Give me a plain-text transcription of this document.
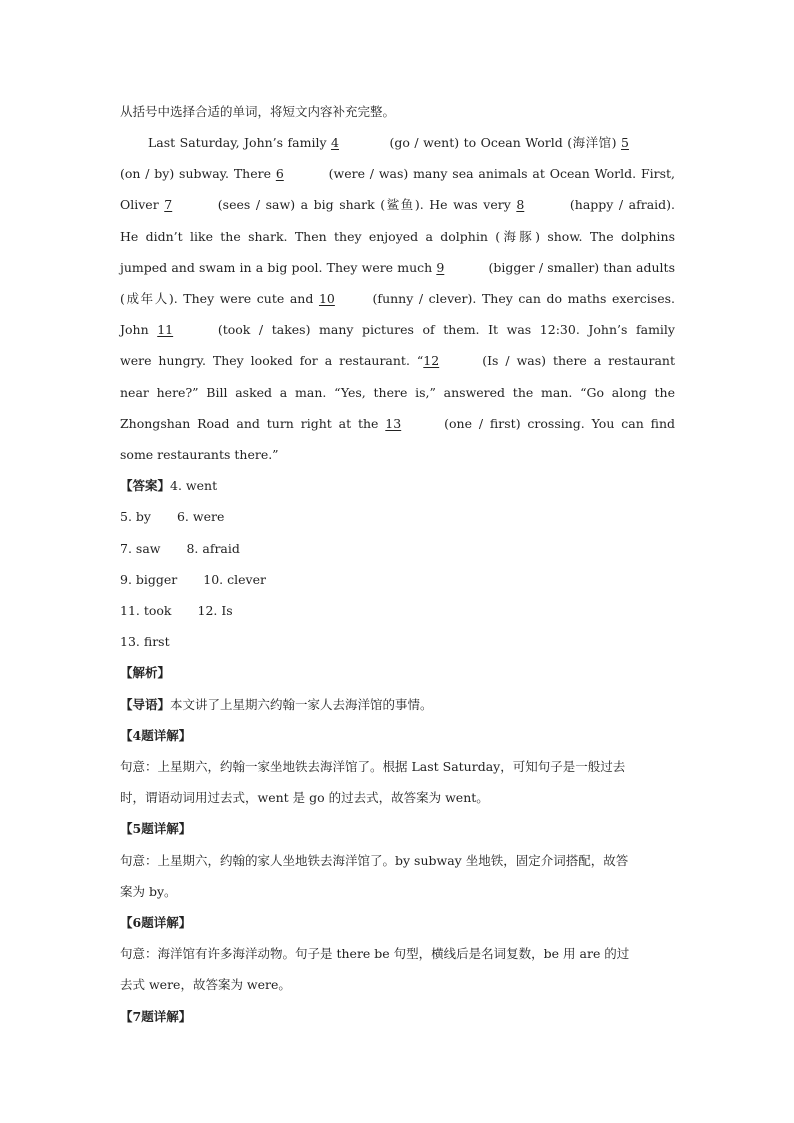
从括号中选择合适的单词，将短文内容补充完整。
Last Saturday, John’s family 4	(go / went) to Ocean World (海洋馆) 5
(on / by) subway. There 6	(were / was) many sea animals at Ocean World. First,
Oliver 7	(sees / saw) a big shark (鲨鱼). He was very 8	(happy / afraid).
He didn’t like the shark. Then they enjoyed a dolphin (海豚) show. The dolphins
jumped and swam in a big pool. They were much 9	(bigger / smaller) than adults
(成年人). They were cute and 10	(funny / clever). They can do maths exercises.
John 11	(took / takes) many pictures of them. It was 12:30. John’s family
were hungry. They looked for a restaurant. “12	(Is / was) there a restaurant
near here?” Bill asked a man. “Yes, there is,” answered the man. “Go along the
Zhongshan Road and turn right at the 13	(one / first) crossing. You can find
some restaurants there.”
【答案】4. went
5. by 6. were
7. saw 8. afraid
9. bigger 10. clever
11. took 12. Is
13. first
【解析】
【导语】本文讲了上星期六约翰一家人去海洋馆的事情。
【4题详解】
句意：上星期六，约翰一家坐地铁去海洋馆了。根据 Last Saturday，可知句子是一般过去
时，谓语动词用过去式，went 是 go 的过去式，故答案为 went。
【5题详解】
句意：上星期六，约翰的家人坐地铁去海洋馆了。by subway 坐地铁，固定介词搭配，故答
案为 by。
【6题详解】
句意：海洋馆有许多海洋动物。句子是 there be 句型，横线后是名词复数，be 用 are 的过
去式 were，故答案为 were。
【7题详解】
